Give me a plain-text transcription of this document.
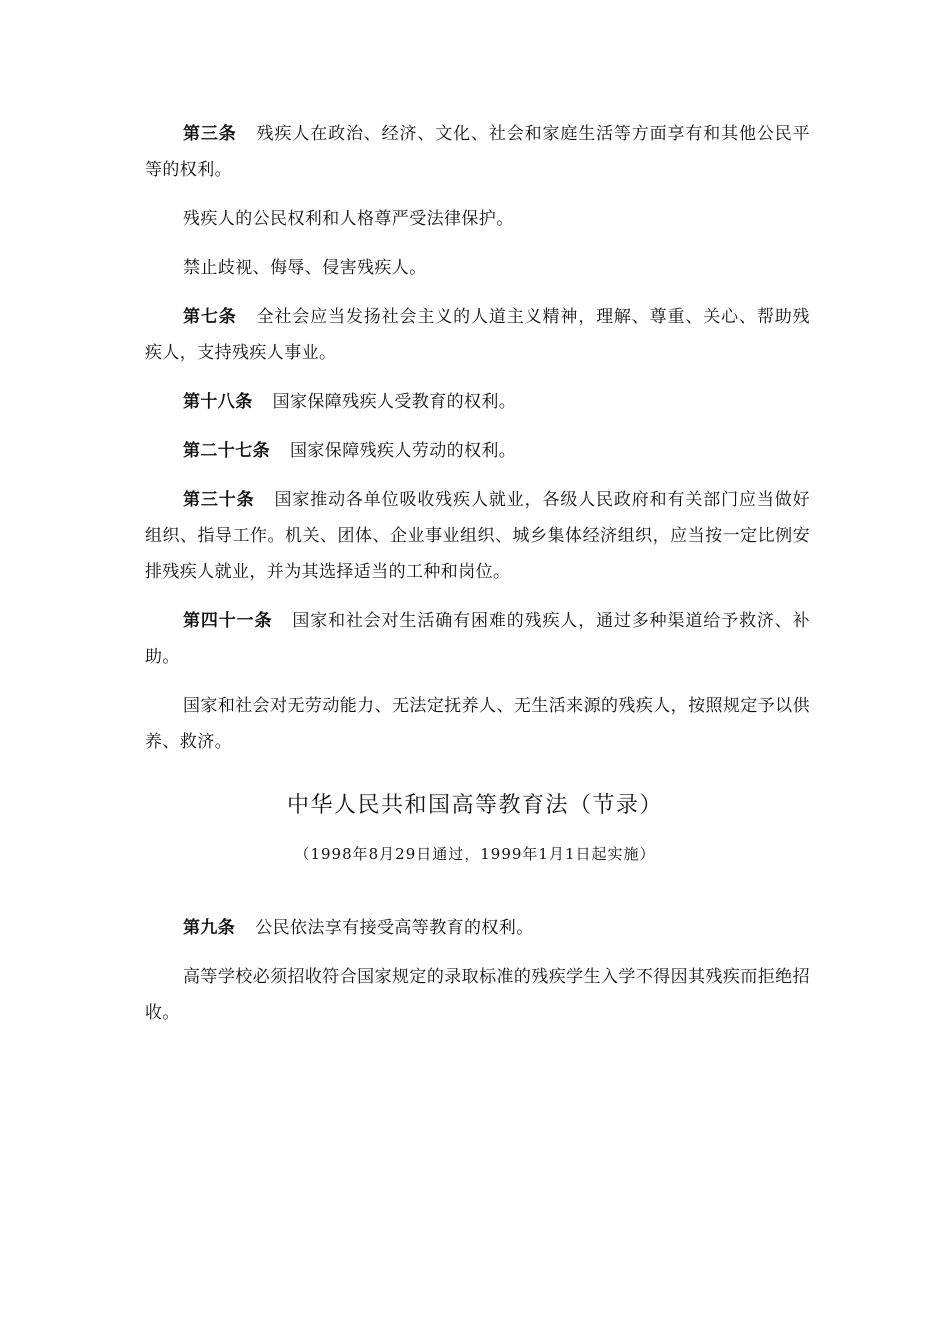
第三条 残疾人在政治、经济、文化、社会和家庭生活等方面享有和其他公民平等的权利。

残疾人的公民权利和人格尊严受法律保护。

禁止歧视、侮辱、侵害残疾人。

第七条 全社会应当发扬社会主义的人道主义精神，理解、尊重、关心、帮助残疾人，支持残疾人事业。

第十八条 国家保障残疾人受教育的权利。

第二十七条 国家保障残疾人劳动的权利。

第三十条 国家推动各单位吸收残疾人就业，各级人民政府和有关部门应当做好组织、指导工作。机关、团体、企业事业组织、城乡集体经济组织，应当按一定比例安排残疾人就业，并为其选择适当的工种和岗位。

第四十一条 国家和社会对生活确有困难的残疾人，通过多种渠道给予救济、补助。

国家和社会对无劳动能力、无法定抚养人、无生活来源的残疾人，按照规定予以供养、救济。

中华人民共和国高等教育法（节录）
（1998年8月29日通过，1999年1月1日起实施）

第九条 公民依法享有接受高等教育的权利。

高等学校必须招收符合国家规定的录取标准的残疾学生入学不得因其残疾而拒绝招收。
